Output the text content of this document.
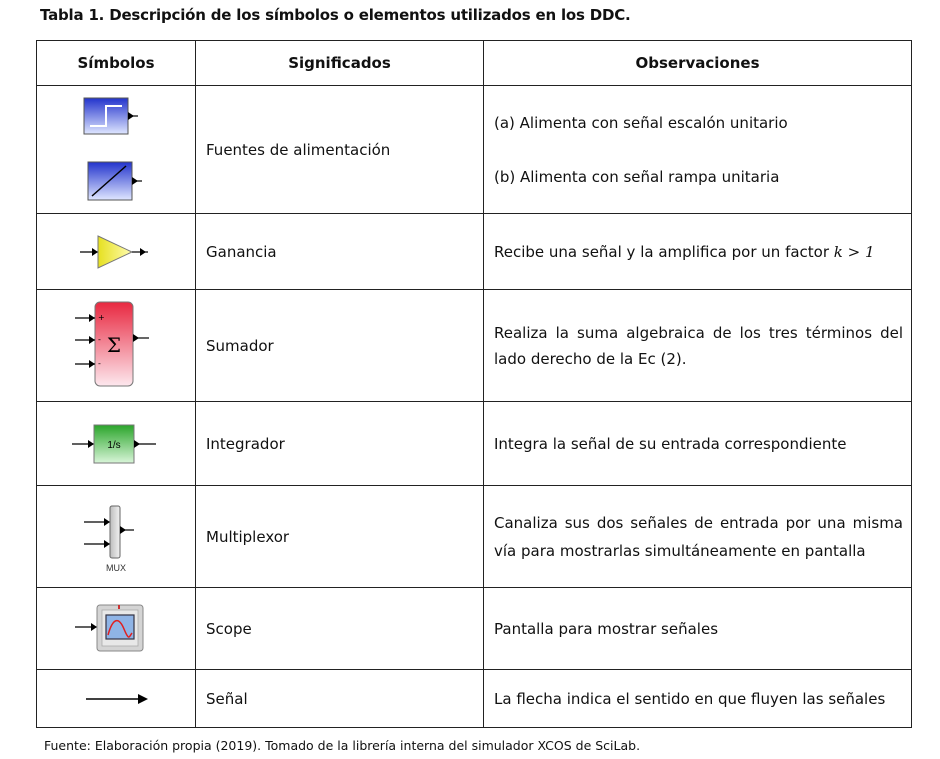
Tabla 1. Descripción de los símbolos o elementos utilizados en los DDC.
Símbolos	Significados	Observaciones

	Fuentes de alimentación	(a) Alimenta con señal escalón unitario
(b) Alimenta con señal rampa unitaria

	Ganancia	Recibe una señal y la amplifica por un factor k > 1

Σ
+
-
-	Sumador	Realiza la suma algebraica de los tres términos del lado derecho de la Ec (2).

1/s	Integrador	Integra la señal de su entrada correspondiente

MUX	Multiplexor	Canaliza sus dos señales de entrada por una misma vía para mostrarlas simultáneamente en pantalla

	Scope	Pantalla para mostrar señales

	Señal	La flecha indica el sentido en que fluyen las señales
Fuente: Elaboración propia (2019). Tomado de la librería interna del simulador XCOS de SciLab.
